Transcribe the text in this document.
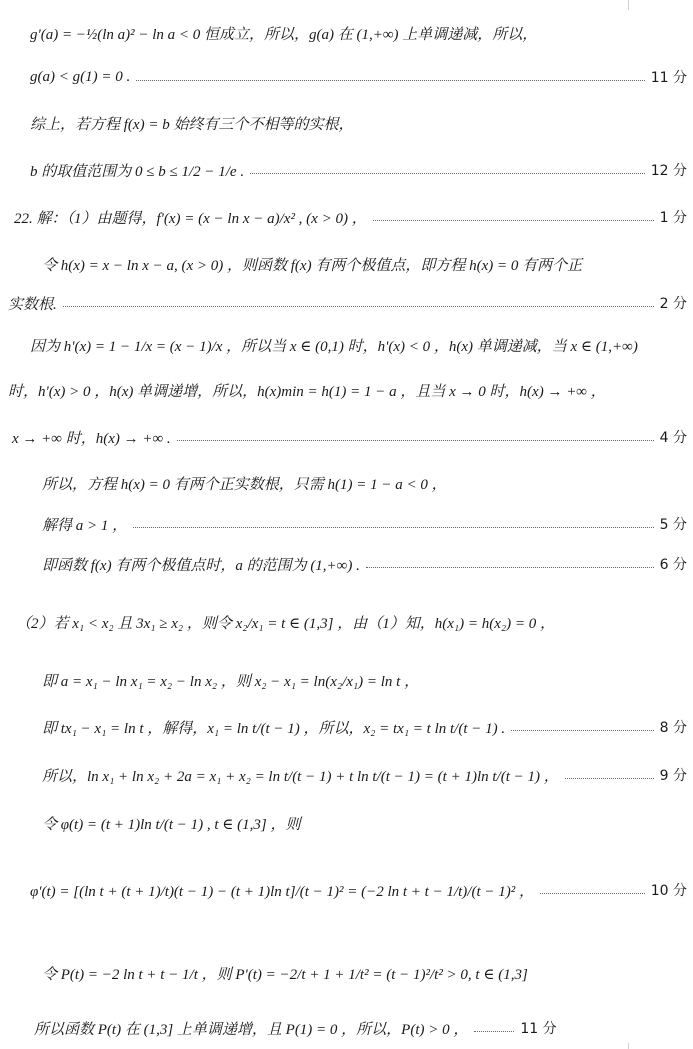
g'(a) = −½(ln a)² − ln a < 0 恒成立，所以，g(a) 在 (1,+∞) 上单调递减，所以，
g(a) < g(1) = 0 .	11 分
综上，若方程 f(x) = b 始终有三个不相等的实根，
b 的取值范围为 0 ≤ b ≤ 1/2 − 1/e .	12 分
22. 解：（1）由题得，f'(x) = (x − ln x − a)/x² , (x > 0) ，	1 分
令 h(x) = x − ln x − a, (x > 0) ，则函数 f(x) 有两个极值点，即方程 h(x) = 0 有两个正
实数根.	2 分
因为 h'(x) = 1 − 1/x = (x − 1)/x ，所以当 x ∈ (0,1) 时，h'(x) < 0 ，h(x) 单调递减，当 x ∈ (1,+∞)
时，h'(x) > 0 ，h(x) 单调递增，所以，h(x)min = h(1) = 1 − a ，且当 x → 0 时，h(x) → +∞ ，
x → +∞ 时，h(x) → +∞ .	4 分
所以，方程 h(x) = 0 有两个正实数根，只需 h(1) = 1 − a < 0 ，
解得 a > 1 ，	5 分
即函数 f(x) 有两个极值点时，a 的范围为 (1,+∞) .	6 分
（2）若 x₁ < x₂ 且 3x₁ ≥ x₂ ，则令 x₂/x₁ = t ∈ (1,3] ，由（1）知，h(x₁) = h(x₂) = 0 ，
即 a = x₁ − ln x₁ = x₂ − ln x₂ ，则 x₂ − x₁ = ln(x₂/x₁) = ln t ，
即 tx₁ − x₁ = ln t ，解得，x₁ = ln t/(t − 1) ，所以，x₂ = tx₁ = t ln t/(t − 1) .	8 分
所以，ln x₁ + ln x₂ + 2a = x₁ + x₂ = ln t/(t − 1) + t ln t/(t − 1) = (t + 1)ln t/(t − 1) ，	9 分
令 φ(t) = (t + 1)ln t/(t − 1) , t ∈ (1,3] ，则
φ'(t) = [(ln t + (t + 1)/t)(t − 1) − (t + 1)ln t]/(t − 1)² = (−2 ln t + t − 1/t)/(t − 1)² ，	10 分
令 P(t) = −2 ln t + t − 1/t ，则 P'(t) = −2/t + 1 + 1/t² = (t − 1)²/t² > 0, t ∈ (1,3]
所以函数 P(t) 在 (1,3] 上单调递增，且 P(1) = 0 ，所以，P(t) > 0 ，	11 分
